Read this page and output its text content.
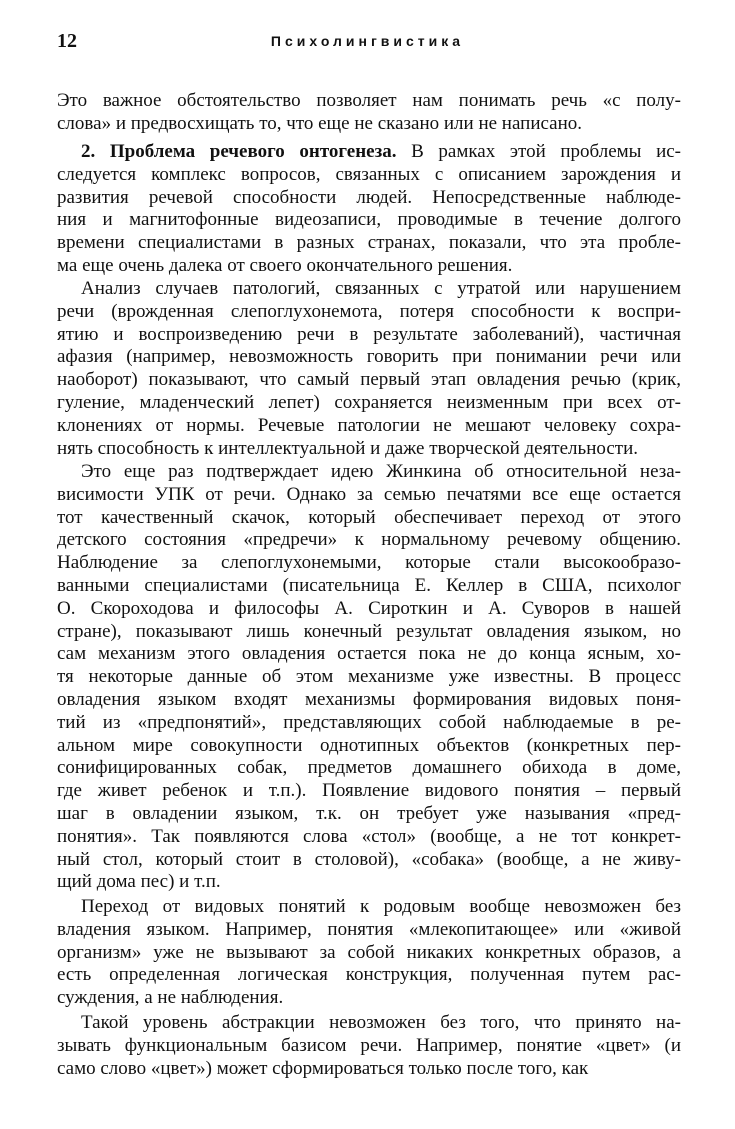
12	Психолингвистика
Это важное обстоятельство позволяет нам понимать речь «с полу-
слова» и предвосхищать то, что еще не сказано или не написано.
2. Проблема речевого онтогенеза. В рамках этой проблемы ис-
следуется комплекс вопросов, связанных с описанием зарождения и
развития речевой способности людей. Непосредственные наблюде-
ния и магнитофонные видеозаписи, проводимые в течение долгого
времени специалистами в разных странах, показали, что эта пробле-
ма еще очень далека от своего окончательного решения.
Анализ случаев патологий, связанных с утратой или нарушением
речи (врожденная слепоглухонемота, потеря способности к воспри-
ятию и воспроизведению речи в результате заболеваний), частичная
афазия (например, невозможность говорить при понимании речи или
наоборот) показывают, что самый первый этап овладения речью (крик,
гуление, младенческий лепет) сохраняется неизменным при всех от-
клонениях от нормы. Речевые патологии не мешают человеку сохра-
нять способность к интеллектуальной и даже творческой деятельности.
Это еще раз подтверждает идею Жинкина об относительной неза-
висимости УПК от речи. Однако за семью печатями все еще остается
тот качественный скачок, который обеспечивает переход от этого
детского состояния «предречи» к нормальному речевому общению.
Наблюдение за слепоглухонемыми, которые стали высокообразо-
ванными специалистами (писательница Е. Келлер в США, психолог
О. Скороходова и философы А. Сироткин и А. Суворов в нашей
стране), показывают лишь конечный результат овладения языком, но
сам механизм этого овладения остается пока не до конца ясным, хо-
тя некоторые данные об этом механизме уже известны. В процесс
овладения языком входят механизмы формирования видовых поня-
тий из «предпонятий», представляющих собой наблюдаемые в ре-
альном мире совокупности однотипных объектов (конкретных пер-
сонифицированных собак, предметов домашнего обихода в доме,
где живет ребенок и т.п.). Появление видового понятия – первый
шаг в овладении языком, т.к. он требует уже называния «пред-
понятия». Так появляются слова «стол» (вообще, а не тот конкрет-
ный стол, который стоит в столовой), «собака» (вообще, а не живу-
щий дома пес) и т.п.
Переход от видовых понятий к родовым вообще невозможен без
владения языком. Например, понятия «млекопитающее» или «живой
организм» уже не вызывают за собой никаких конкретных образов, а
есть определенная логическая конструкция, полученная путем рас-
суждения, а не наблюдения.
Такой уровень абстракции невозможен без того, что принято на-
зывать функциональным базисом речи. Например, понятие «цвет» (и
само слово «цвет») может сформироваться только после того, как
